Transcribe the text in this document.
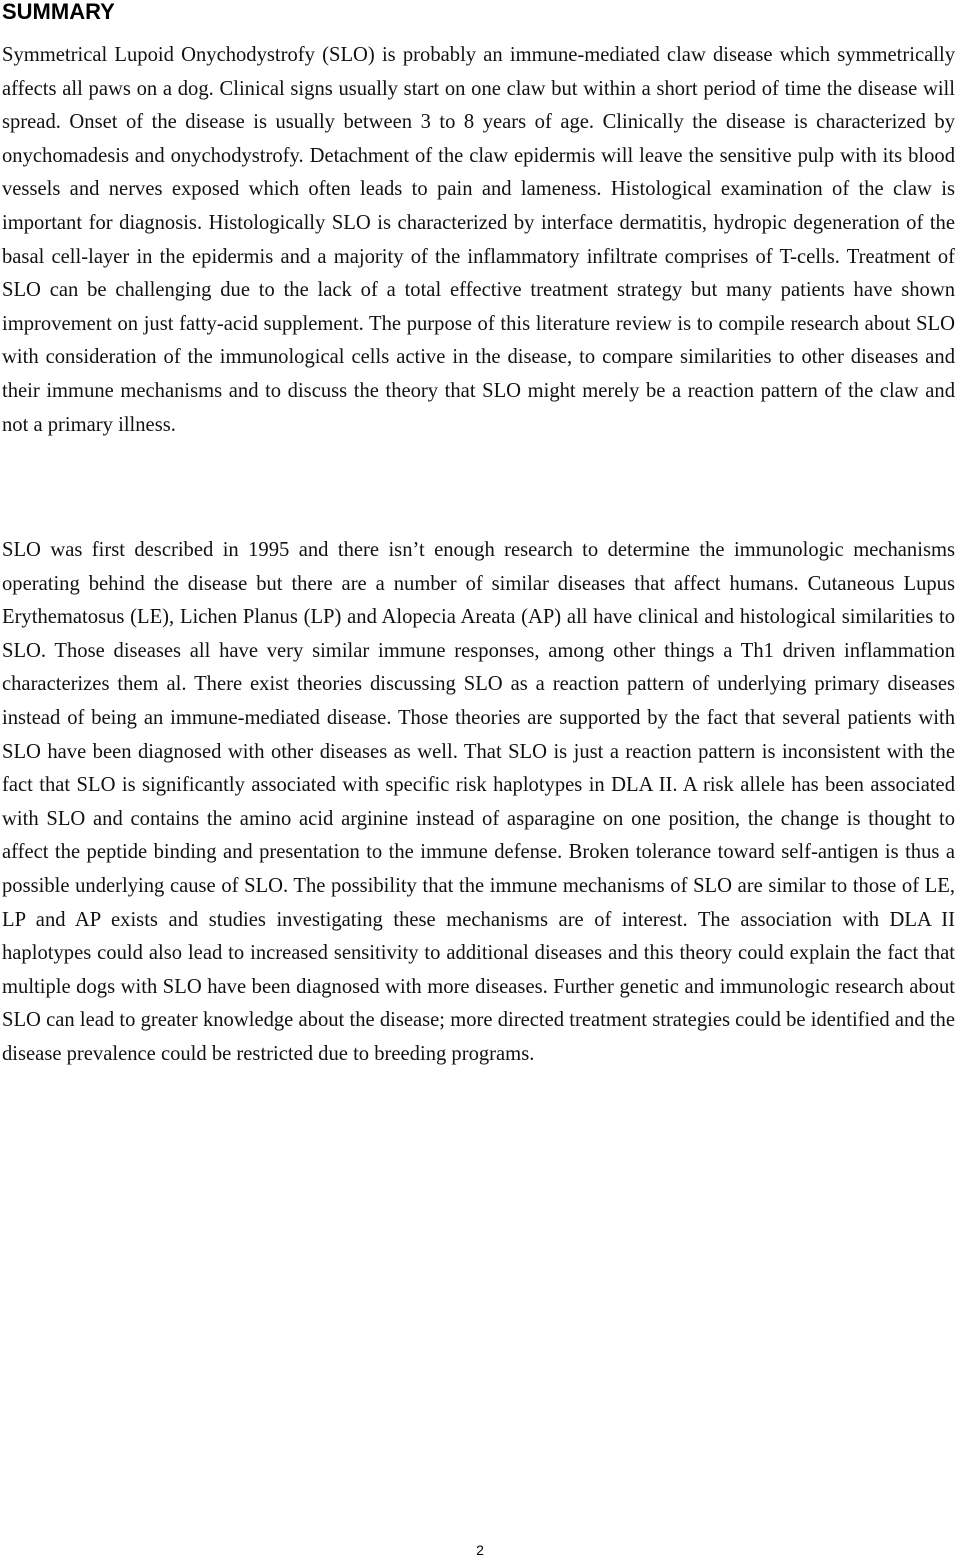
SUMMARY

Symmetrical Lupoid Onychodystrofy (SLO) is probably an immune-mediated claw disease which symmetrically affects all paws on a dog. Clinical signs usually start on one claw but within a short period of time the disease will spread. Onset of the disease is usually between 3 to 8 years of age. Clinically the disease is characterized by onychomadesis and onychodystrofy. Detachment of the claw epidermis will leave the sensitive pulp with its blood vessels and nerves exposed which often leads to pain and lameness. Histological examination of the claw is important for diagnosis. Histologically SLO is characterized by interface dermatitis, hydropic degeneration of the basal cell-layer in the epidermis and a majority of the inflammatory infiltrate comprises of T-cells. Treatment of SLO can be challenging due to the lack of a total effective treatment strategy but many patients have shown improvement on just fatty-acid supplement. The purpose of this literature review is to compile research about SLO with consideration of the immunological cells active in the disease, to compare similarities to other diseases and their immune mechanisms and to discuss the theory that SLO might merely be a reaction pattern of the claw and not a primary illness.

SLO was first described in 1995 and there isn’t enough research to determine the immunologic mechanisms operating behind the disease but there are a number of similar diseases that affect humans. Cutaneous Lupus Erythematosus (LE), Lichen Planus (LP) and Alopecia Areata (AP) all have clinical and histological similarities to SLO. Those diseases all have very similar immune responses, among other things a Th1 driven inflammation characterizes them al. There exist theories discussing SLO as a reaction pattern of underlying primary diseases instead of being an immune-mediated disease. Those theories are supported by the fact that several patients with SLO have been diagnosed with other diseases as well. That SLO is just a reaction pattern is inconsistent with the fact that SLO is significantly associated with specific risk haplotypes in DLA II. A risk allele has been associated with SLO and contains the amino acid arginine instead of asparagine on one position, the change is thought to affect the peptide binding and presentation to the immune defense. Broken tolerance toward self-antigen is thus a possible underlying cause of SLO. The possibility that the immune mechanisms of SLO are similar to those of LE, LP and AP exists and studies investigating these mechanisms are of interest. The association with DLA II haplotypes could also lead to increased sensitivity to additional diseases and this theory could explain the fact that multiple dogs with SLO have been diagnosed with more diseases. Further genetic and immunologic research about SLO can lead to greater knowledge about the disease; more directed treatment strategies could be identified and the disease prevalence could be restricted due to breeding programs.

2
